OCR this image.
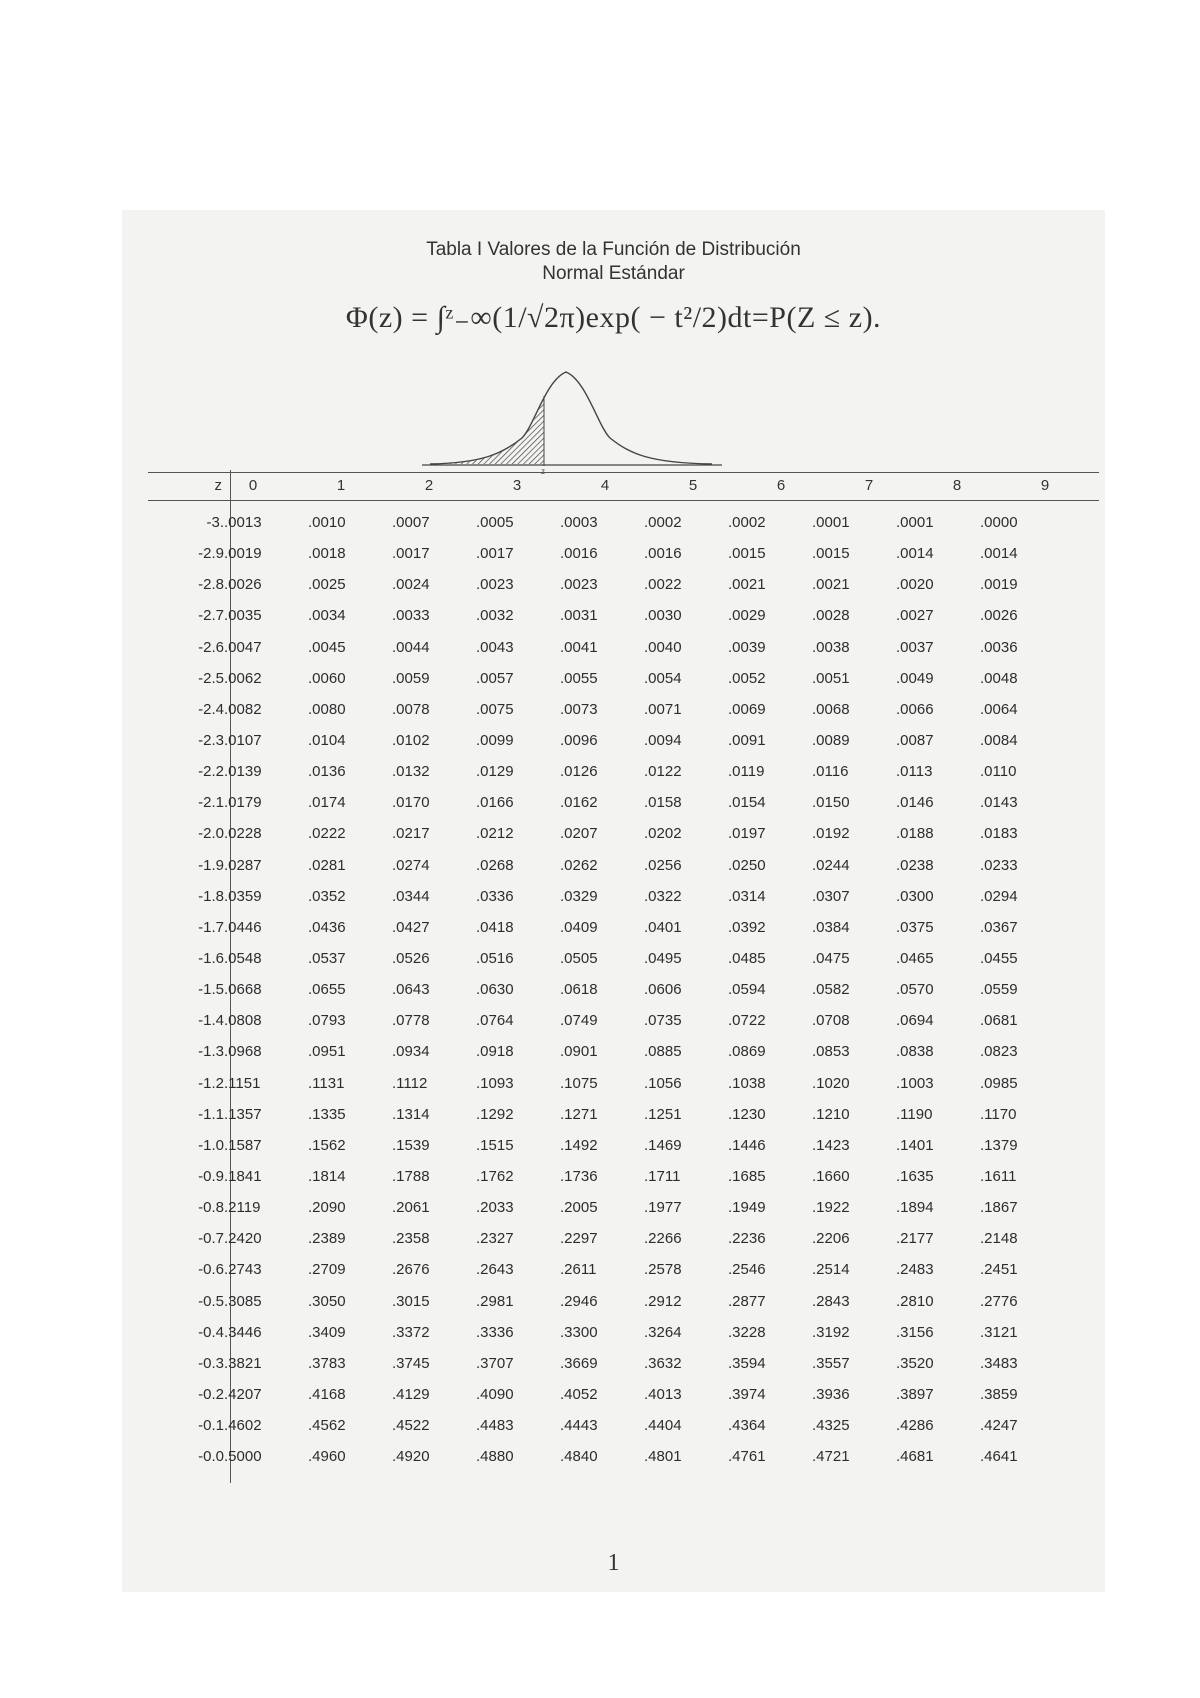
Tabla I Valores de la Función de Distribución
Normal Estándar
Φ(z) = ∫ᶻ₋∞(1/√2π)exp( − t²/2)dt=P(Z ≤ z).
z
z	0	1	2	3	4	5	6	7	8	9
-3.	.0013	.0010	.0007	.0005	.0003	.0002	.0002	.0001	.0001	.0000
-2.9	.0019	.0018	.0017	.0017	.0016	.0016	.0015	.0015	.0014	.0014
-2.8	.0026	.0025	.0024	.0023	.0023	.0022	.0021	.0021	.0020	.0019
-2.7	.0035	.0034	.0033	.0032	.0031	.0030	.0029	.0028	.0027	.0026
-2.6	.0047	.0045	.0044	.0043	.0041	.0040	.0039	.0038	.0037	.0036
-2.5	.0062	.0060	.0059	.0057	.0055	.0054	.0052	.0051	.0049	.0048
-2.4	.0082	.0080	.0078	.0075	.0073	.0071	.0069	.0068	.0066	.0064
-2.3	.0107	.0104	.0102	.0099	.0096	.0094	.0091	.0089	.0087	.0084
-2.2	.0139	.0136	.0132	.0129	.0126	.0122	.0119	.0116	.0113	.0110
-2.1	.0179	.0174	.0170	.0166	.0162	.0158	.0154	.0150	.0146	.0143
-2.0	.0228	.0222	.0217	.0212	.0207	.0202	.0197	.0192	.0188	.0183
-1.9	.0287	.0281	.0274	.0268	.0262	.0256	.0250	.0244	.0238	.0233
-1.8	.0359	.0352	.0344	.0336	.0329	.0322	.0314	.0307	.0300	.0294
-1.7	.0446	.0436	.0427	.0418	.0409	.0401	.0392	.0384	.0375	.0367
-1.6	.0548	.0537	.0526	.0516	.0505	.0495	.0485	.0475	.0465	.0455
-1.5	.0668	.0655	.0643	.0630	.0618	.0606	.0594	.0582	.0570	.0559
-1.4	.0808	.0793	.0778	.0764	.0749	.0735	.0722	.0708	.0694	.0681
-1.3	.0968	.0951	.0934	.0918	.0901	.0885	.0869	.0853	.0838	.0823
-1.2	.1151	.1131	.1112	.1093	.1075	.1056	.1038	.1020	.1003	.0985
-1.1	.1357	.1335	.1314	.1292	.1271	.1251	.1230	.1210	.1190	.1170
-1.0	.1587	.1562	.1539	.1515	.1492	.1469	.1446	.1423	.1401	.1379
-0.9	.1841	.1814	.1788	.1762	.1736	.1711	.1685	.1660	.1635	.1611
-0.8	.2119	.2090	.2061	.2033	.2005	.1977	.1949	.1922	.1894	.1867
-0.7	.2420	.2389	.2358	.2327	.2297	.2266	.2236	.2206	.2177	.2148
-0.6	.2743	.2709	.2676	.2643	.2611	.2578	.2546	.2514	.2483	.2451
-0.5	.3085	.3050	.3015	.2981	.2946	.2912	.2877	.2843	.2810	.2776
-0.4	.3446	.3409	.3372	.3336	.3300	.3264	.3228	.3192	.3156	.3121
-0.3	.3821	.3783	.3745	.3707	.3669	.3632	.3594	.3557	.3520	.3483
-0.2	.4207	.4168	.4129	.4090	.4052	.4013	.3974	.3936	.3897	.3859
-0.1	.4602	.4562	.4522	.4483	.4443	.4404	.4364	.4325	.4286	.4247
-0.0	.5000	.4960	.4920	.4880	.4840	.4801	.4761	.4721	.4681	.4641
1
